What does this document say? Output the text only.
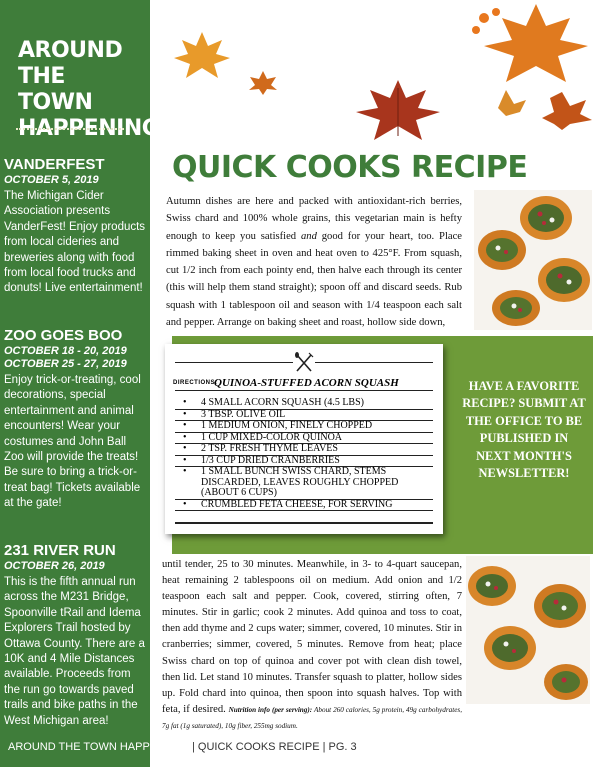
AROUND THE TOWN HAPPENINGS
VANDERFEST
OCTOBER 5, 2019
The Michigan Cider Association presents VanderFest! Enjoy products from local cideries and breweries along with food from local food trucks and donuts! Live entertainment!
ZOO GOES BOO
OCTOBER 18 - 20, 2019
OCTOBER 25 - 27, 2019
Enjoy trick-or-treating, cool decorations, special entertainment and animal encounters! Wear your costumes and John Ball Zoo will provide the treats! Be sure to bring a trick-or-treat bag! Tickets available at the gate!
231 RIVER RUN
OCTOBER 26, 2019
This is the fifth annual run across the M231 Bridge, Spoonville tRail and Idema Explorers Trail hosted by Ottawa County. There are a 10K and 4 Mile Distances available. Proceeds from the run go towards paved trails and bike paths in the West Michigan area!
QUICK COOKS RECIPE

Autumn dishes are here and packed with antioxidant-rich berries, Swiss chard and 100% whole grains, this vegetarian main is hefty enough to keep you satisfied and good for your heart, too. Place rimmed baking sheet in oven and heat oven to 425°F. From squash, cut 1/2 inch from each pointy end, then halve each through its center (this will help them stand straight); spoon off and discard seeds. Rub squash with 1 tablespoon oil and season with 1/4 teaspoon each salt and pepper. Arrange on baking sheet and roast, hollow side down,

DIRECTIONS:
QUINOA-STUFFED ACORN SQUASH
• 4 SMALL ACORN SQUASH (4.5 LBS)
• 3 TBSP. OLIVE OIL
• 1 MEDIUM ONION, FINELY CHOPPED
• 1 CUP MIXED-COLOR QUINOA
• 2 TSP. FRESH THYME LEAVES
• 1/3 CUP DRIED CRANBERRIES
• 1 SMALL BUNCH SWISS CHARD, STEMS DISCARDED, LEAVES ROUGHLY CHOPPED (ABOUT 6 CUPS)
• CRUMBLED FETA CHEESE, FOR SERVING
HAVE A FAVORITE RECIPE? SUBMIT AT THE OFFICE TO BE PUBLISHED IN NEXT MONTH'S NEWSLETTER!

until tender, 25 to 30 minutes. Meanwhile, in 3- to 4-quart saucepan, heat remaining 2 tablespoons oil on medium. Add onion and 1/2 teaspoon each salt and pepper. Cook, covered, stirring often, 7 minutes. Stir in garlic; cook 2 minutes. Add quinoa and toss to coat, then add thyme and 2 cups water; simmer, covered, 10 minutes. Stir in cranberries; simmer, covered, 5 minutes. Remove from heat; place Swiss chard on top of quinoa and cover pot with clean dish towel, then lid. Let stand 10 minutes. Transfer squash to platter, hollow sides up. Fold chard into quinoa, then spoon into squash halves. Top with feta, if desired. Nutrition info (per serving): About 260 calories, 5g protein, 49g carbohydrates, 7g fat (1g saturated), 10g fiber, 255mg sodium.

AROUND THE TOWN HAPPENINGS| QUICK COOKS RECIPE | PG. 3
